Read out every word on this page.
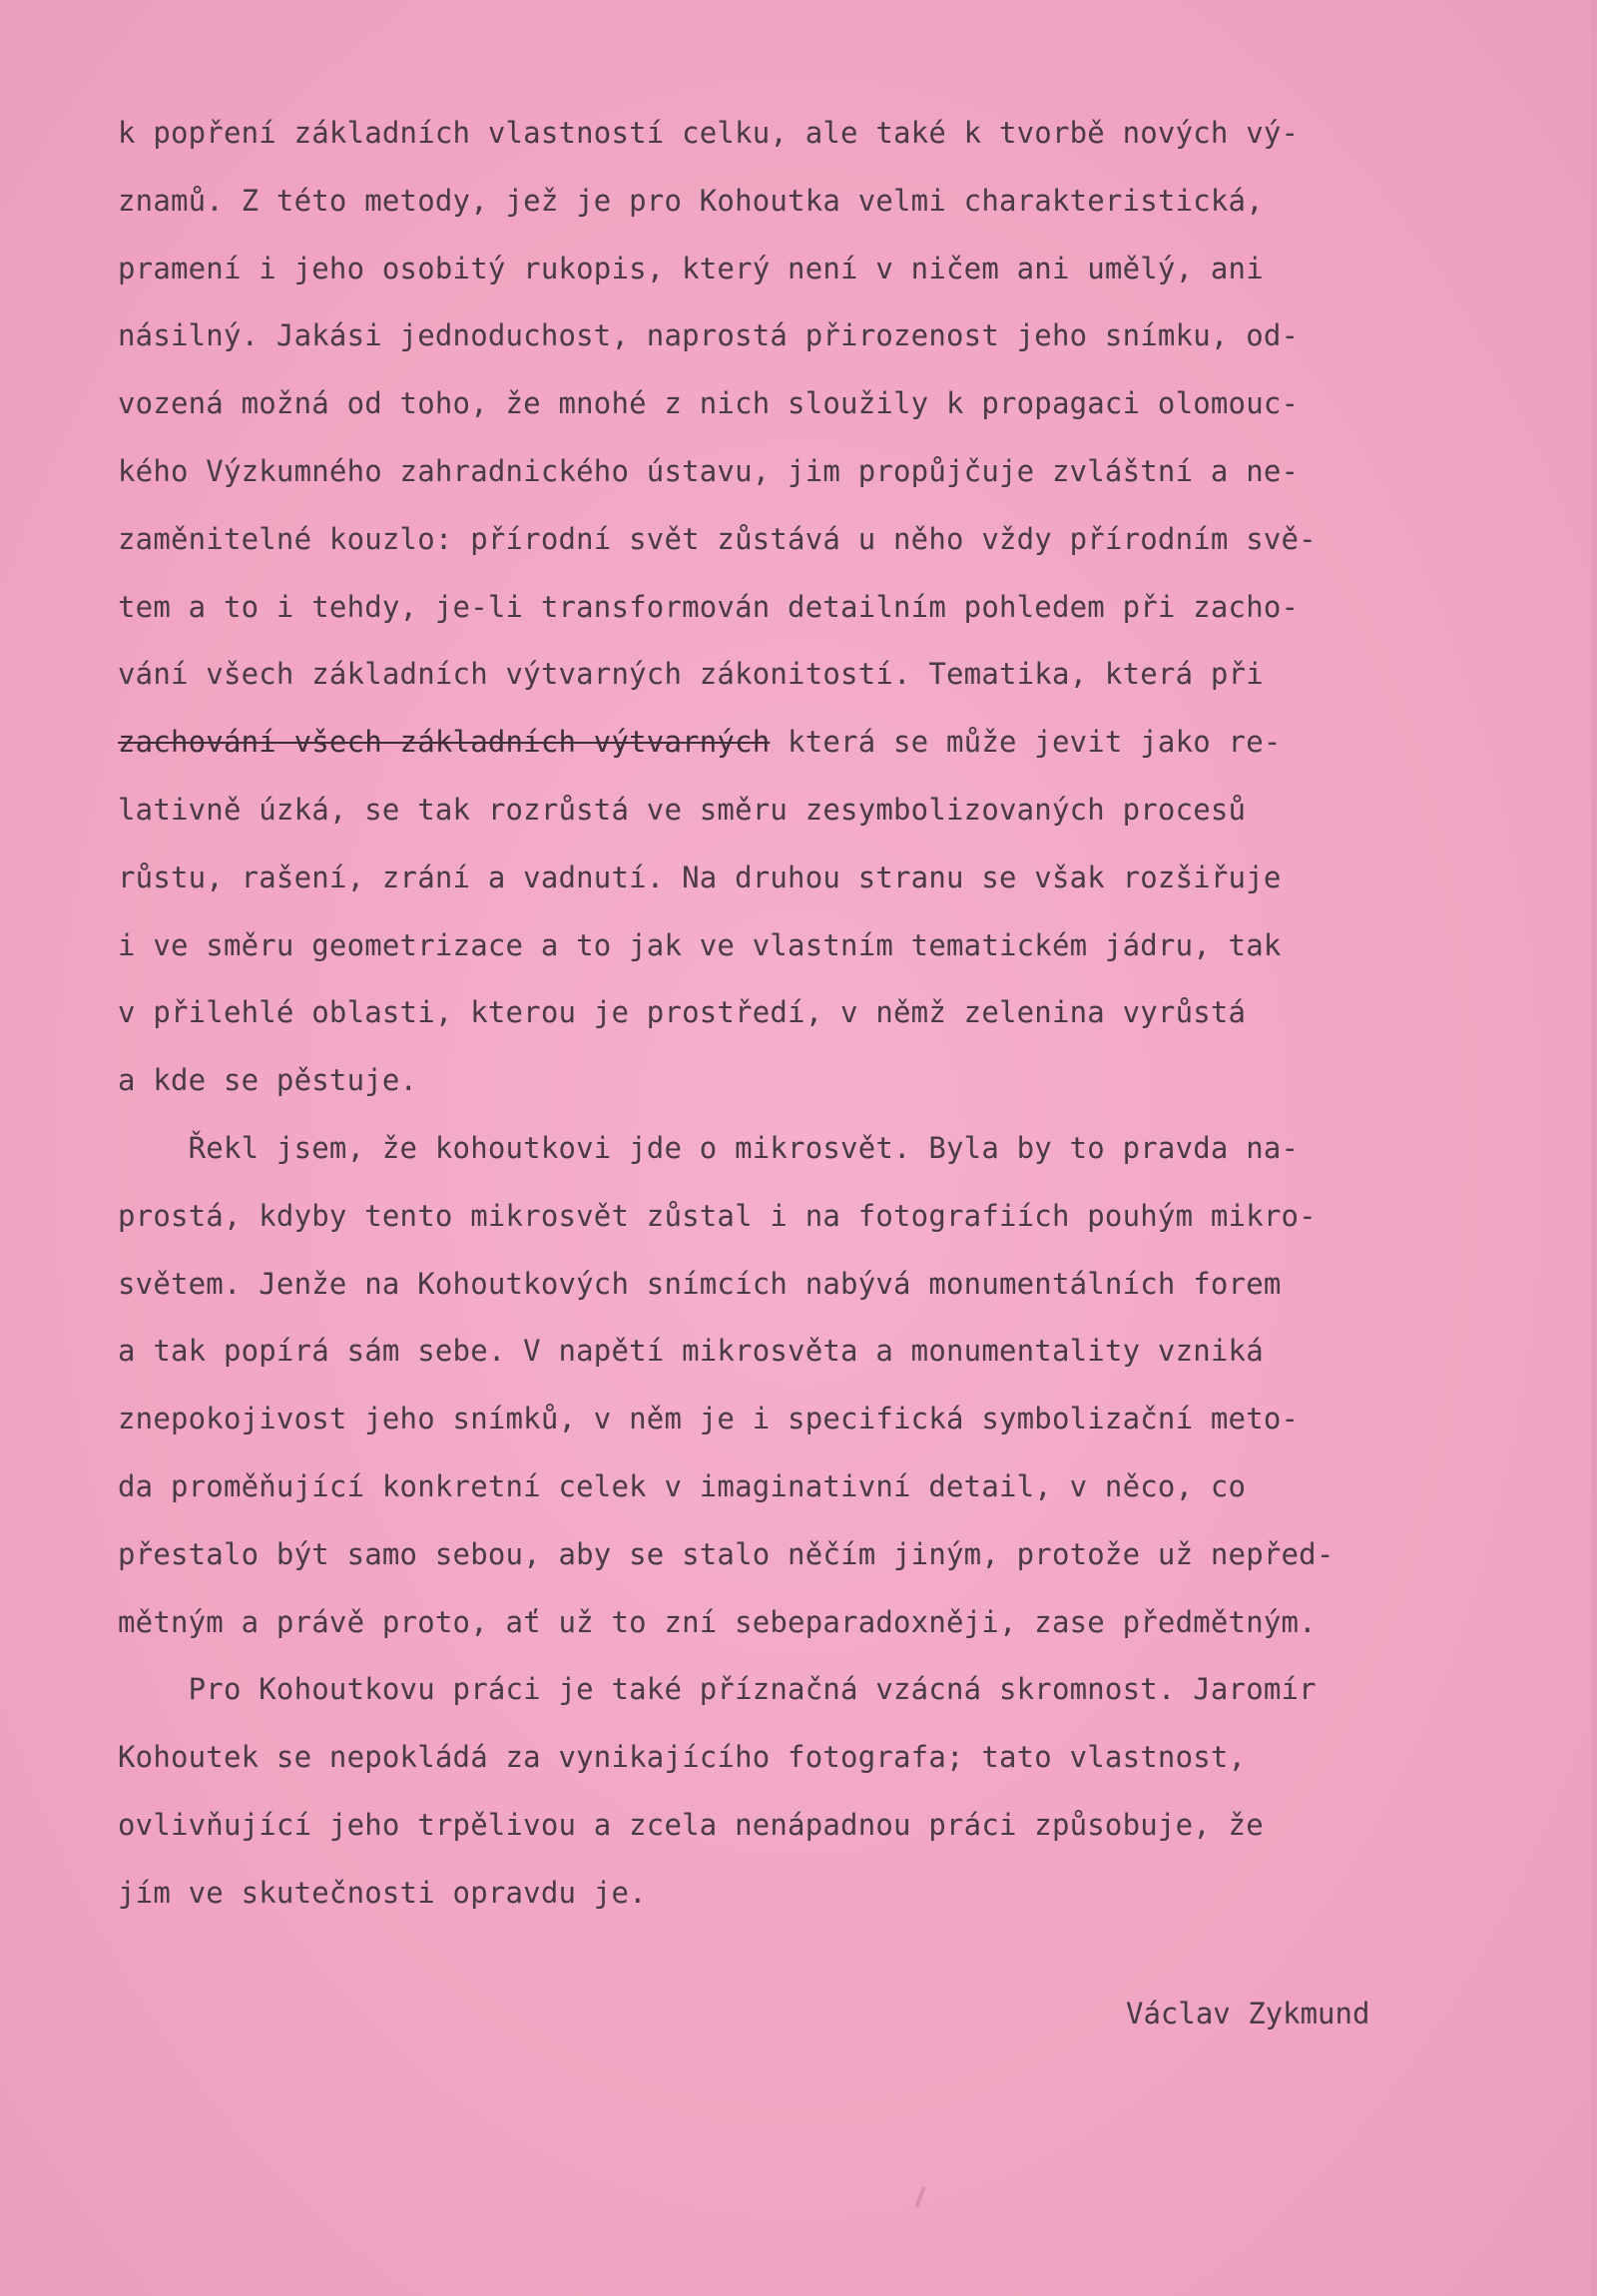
k popření základních vlastností celku, ale také k tvorbě nových vý-
znamů. Z této metody, jež je pro Kohoutka velmi charakteristická,
pramení i jeho osobitý rukopis, který není v ničem ani umělý, ani
násilný. Jakási jednoduchost, naprostá přirozenost jeho snímku, od-
vozená možná od toho, že mnohé z nich sloužily k propagaci olomouc-
kého Výzkumného zahradnického ústavu, jim propůjčuje zvláštní a ne-
zaměnitelné kouzlo: přírodní svět zůstává u něho vždy přírodním svě-
tem a to i tehdy, je-li transformován detailním pohledem při zacho-
vání všech základních výtvarných zákonitostí. Tematika, která při
zachování všech základních výtvarných která se může jevit jako re-
lativně úzká, se tak rozrůstá ve směru zesymbolizovaných procesů
růstu, rašení, zrání a vadnutí. Na druhou stranu se však rozšiřuje
i ve směru geometrizace a to jak ve vlastním tematickém jádru, tak
v přilehlé oblasti, kterou je prostředí, v němž zelenina vyrůstá
a kde se pěstuje.
Řekl jsem, že kohoutkovi jde o mikrosvět. Byla by to pravda na-
prostá, kdyby tento mikrosvět zůstal i na fotografiích pouhým mikro-
světem. Jenže na Kohoutkových snímcích nabývá monumentálních forem
a tak popírá sám sebe. V napětí mikrosvěta a monumentality vzniká
znepokojivost jeho snímků, v něm je i specifická symbolizační meto-
da proměňující konkretní celek v imaginativní detail, v něco, co
přestalo být samo sebou, aby se stalo něčím jiným, protože už nepřed-
mětným a právě proto, ať už to zní sebeparadoxněji, zase předmětným.
Pro Kohoutkovu práci je také příznačná vzácná skromnost. Jaromír
Kohoutek se nepokládá za vynikajícího fotografa; tato vlastnost,
ovlivňující jeho trpělivou a zcela nenápadnou práci způsobuje, že
jím ve skutečnosti opravdu je.
Václav Zykmund
